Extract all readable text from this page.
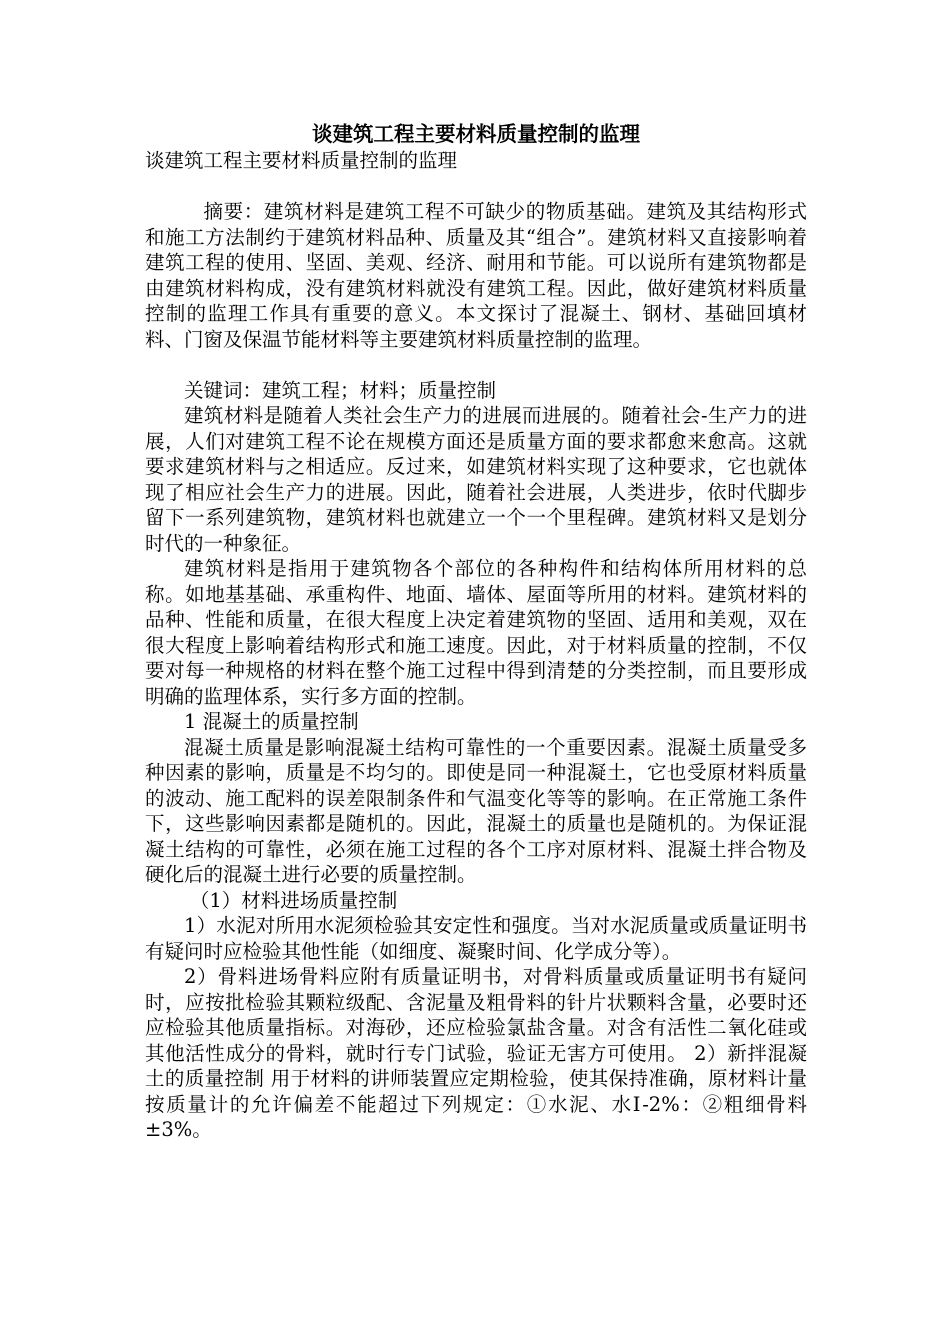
谈建筑工程主要材料质量控制的监理
谈建筑工程主要材料质量控制的监理

摘要：建筑材料是建筑工程不可缺少的物质基础。建筑及其结构形式和施工方法制约于建筑材料品种、质量及其“组合”。建筑材料又直接影响着建筑工程的使用、坚固、美观、经济、耐用和节能。可以说所有建筑物都是由建筑材料构成，没有建筑材料就没有建筑工程。因此，做好建筑材料质量控制的监理工作具有重要的意义。本文探讨了混凝土、钢材、基础回填材料、门窗及保温节能材料等主要建筑材料质量控制的监理。

关键词：建筑工程；材料；质量控制

建筑材料是随着人类社会生产力的进展而进展的。随着社会-生产力的进展，人们对建筑工程不论在规模方面还是质量方面的要求都愈来愈高。这就要求建筑材料与之相适应。反过来，如建筑材料实现了这种要求，它也就体现了相应社会生产力的进展。因此，随着社会进展，人类进步，依时代脚步留下一系列建筑物，建筑材料也就建立一个一个里程碑。建筑材料又是划分时代的一种象征。

建筑材料是指用于建筑物各个部位的各种构件和结构体所用材料的总称。如地基基础、承重构件、地面、墙体、屋面等所用的材料。建筑材料的品种、性能和质量，在很大程度上决定着建筑物的坚固、适用和美观，双在很大程度上影响着结构形式和施工速度。因此，对于材料质量的控制，不仅要对每一种规格的材料在整个施工过程中得到清楚的分类控制，而且要形成明确的监理体系，实行多方面的控制。

1 混凝土的质量控制

混凝土质量是影响混凝土结构可靠性的一个重要因素。混凝土质量受多种因素的影响，质量是不均匀的。即使是同一种混凝土，它也受原材料质量的波动、施工配料的误差限制条件和气温变化等等的影响。在正常施工条件下，这些影响因素都是随机的。因此，混凝土的质量也是随机的。为保证混凝土结构的可靠性，必须在施工过程的各个工序对原材料、混凝土拌合物及硬化后的混凝土进行必要的质量控制。

（1）材料进场质量控制

1）水泥对所用水泥须检验其安定性和强度。当对水泥质量或质量证明书有疑问时应检验其他性能（如细度、凝聚时间、化学成分等）。

2）骨料进场骨料应附有质量证明书，对骨料质量或质量证明书有疑问时，应按批检验其颗粒级配、含泥量及粗骨料的针片状颗料含量，必要时还应检验其他质量指标。对海砂，还应检验氯盐含量。对含有活性二氧化硅或其他活性成分的骨料，就时行专门试验，验证无害方可使用。 2）新拌混凝土的质量控制 用于材料的讲师装置应定期检验，使其保持准确，原材料计量按质量计的允许偏差不能超过下列规定：①水泥、水Ⅰ-2%：②粗细骨料±3%。
